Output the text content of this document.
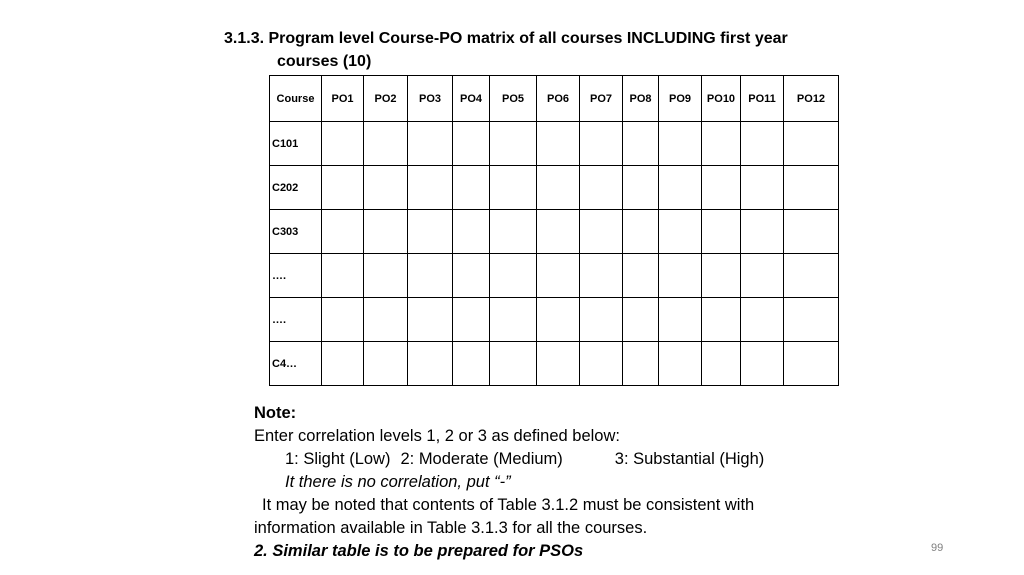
3.1.3. Program level Course-PO matrix of all courses INCLUDING first year
courses (10)
Course	PO1	PO2	PO3	PO4	PO5	PO6	PO7	PO8	PO9	PO10	PO11	PO12
C101												
C202												
C303												
….												
….												
C4…												
Note:
Enter correlation levels 1, 2 or 3 as defined below:
1: Slight (Low) 2: Moderate (Medium)	3: Substantial (High)
It there is no correlation, put “-”
It may be noted that contents of Table 3.1.2 must be consistent with
information available in Table 3.1.3 for all the courses.
2. Similar table is to be prepared for PSOs	99
